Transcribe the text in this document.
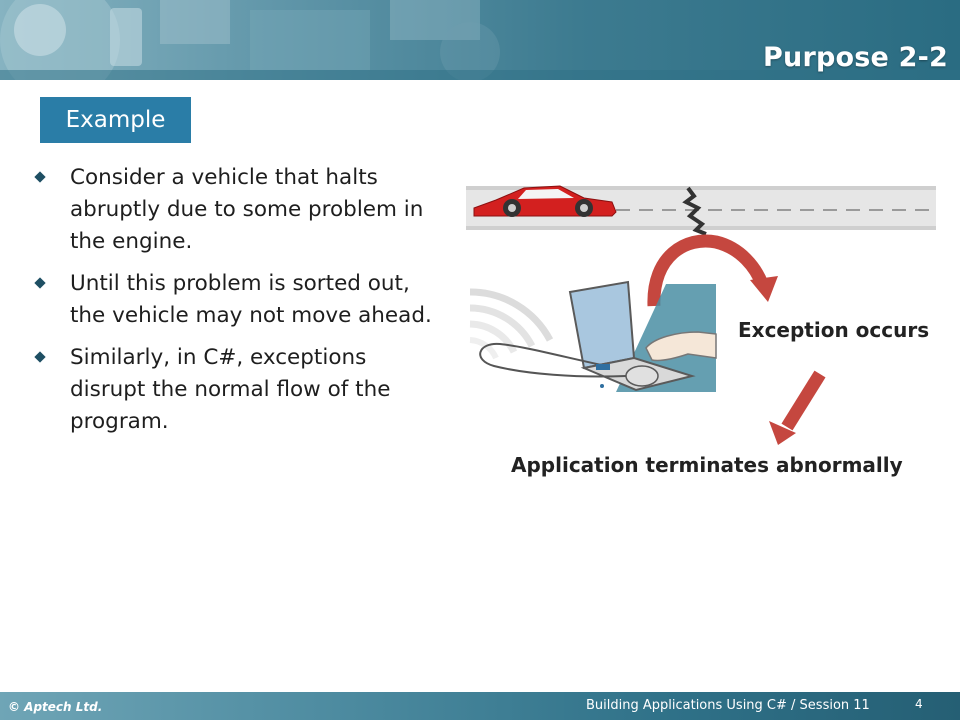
Purpose 2-2
Example
Consider a vehicle that halts abruptly due to some problem in the engine.
Until this problem is sorted out, the vehicle may not move ahead.
Similarly, in C#, exceptions disrupt the normal flow of the program.
Exception occurs
Application terminates abnormally
© Aptech Ltd.	Building Applications Using C# / Session 11	4
